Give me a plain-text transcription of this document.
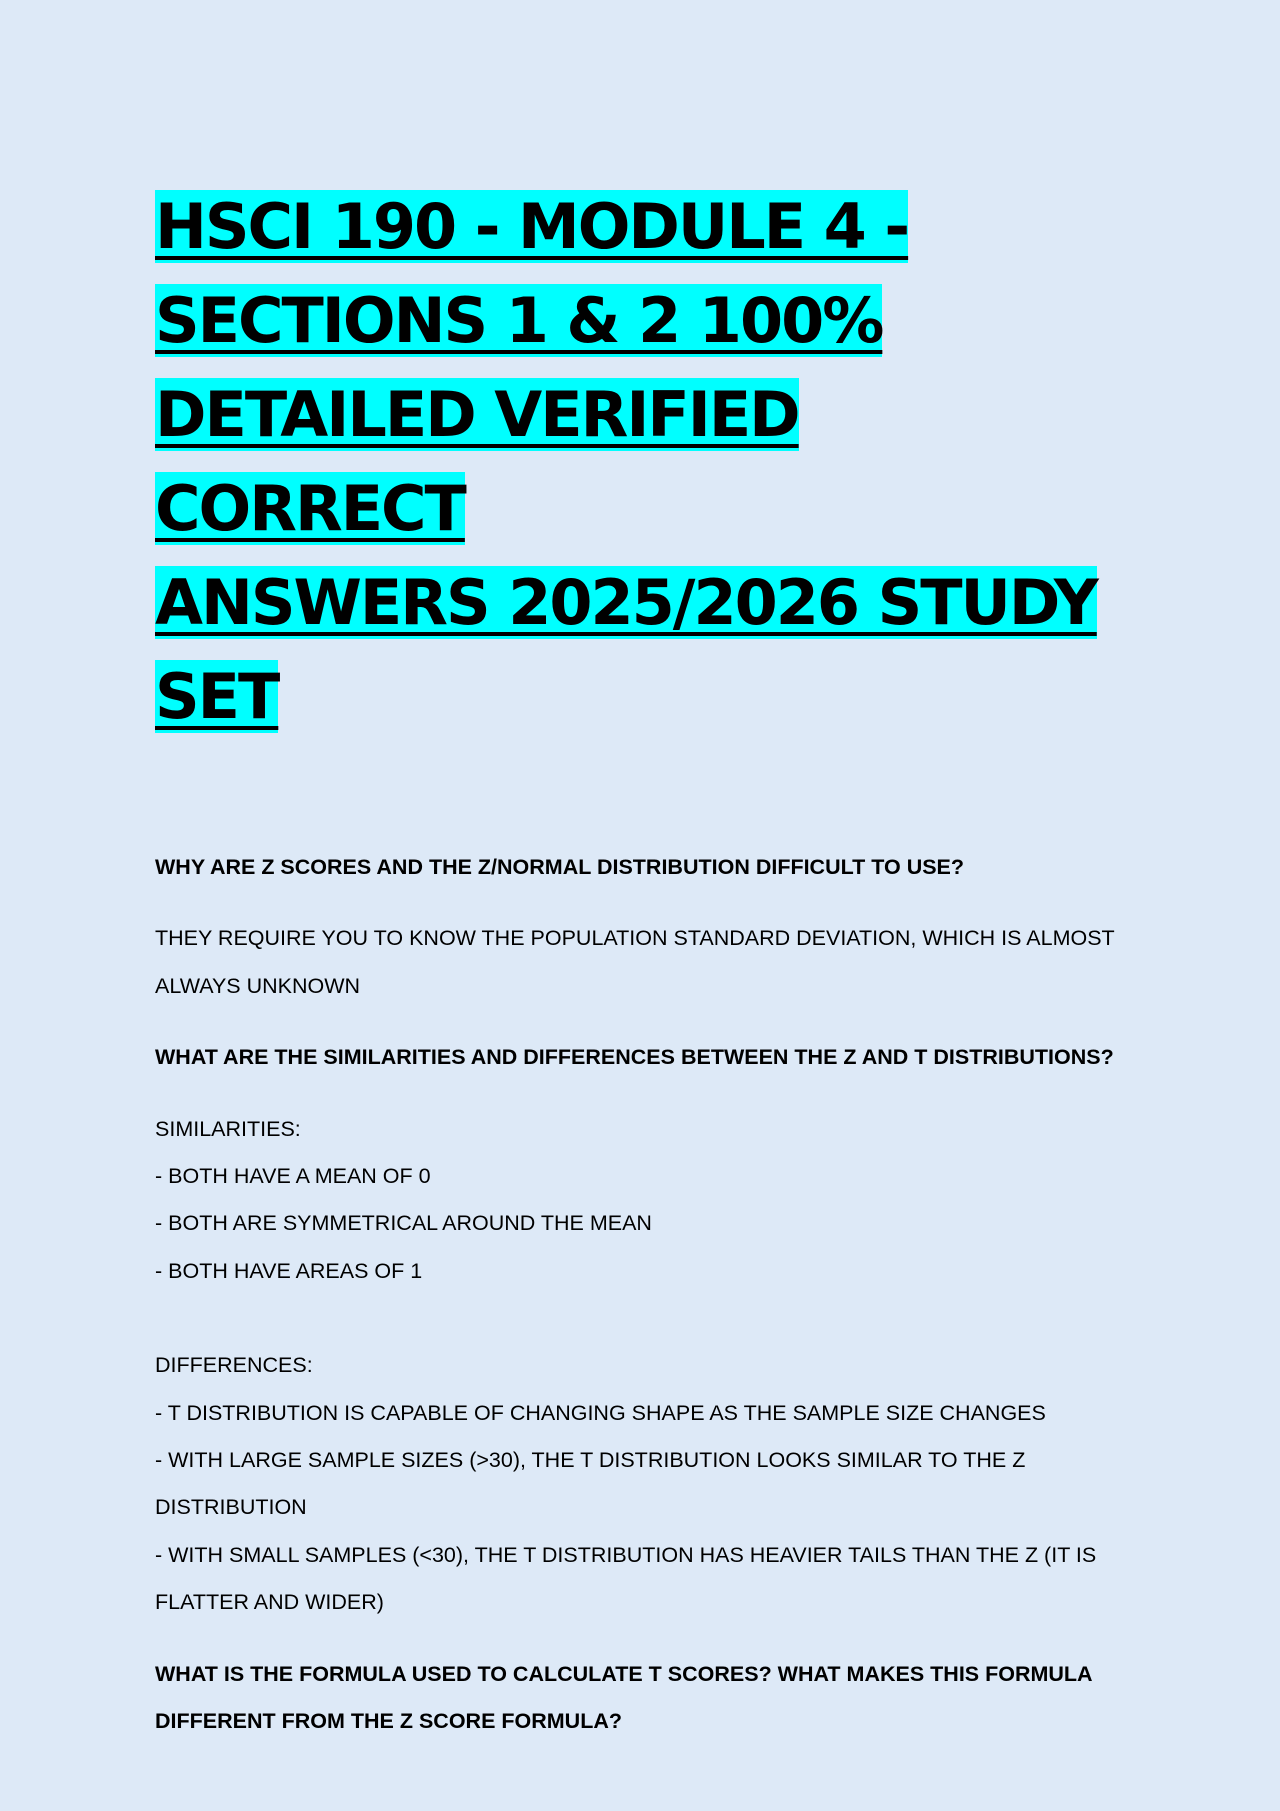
HSCI 190 - MODULE 4 -
SECTIONS 1 & 2 100%
DETAILED VERIFIED CORRECT
ANSWERS 2025/2026 STUDY
SET
WHY ARE Z SCORES AND THE Z/NORMAL DISTRIBUTION DIFFICULT TO USE?
THEY REQUIRE YOU TO KNOW THE POPULATION STANDARD DEVIATION, WHICH IS ALMOST
ALWAYS UNKNOWN
WHAT ARE THE SIMILARITIES AND DIFFERENCES BETWEEN THE Z AND T DISTRIBUTIONS?
SIMILARITIES:
- BOTH HAVE A MEAN OF 0
- BOTH ARE SYMMETRICAL AROUND THE MEAN
- BOTH HAVE AREAS OF 1
DIFFERENCES:
- T DISTRIBUTION IS CAPABLE OF CHANGING SHAPE AS THE SAMPLE SIZE CHANGES
- WITH LARGE SAMPLE SIZES (>30), THE T DISTRIBUTION LOOKS SIMILAR TO THE Z
DISTRIBUTION
- WITH SMALL SAMPLES (<30), THE T DISTRIBUTION HAS HEAVIER TAILS THAN THE Z (IT IS
FLATTER AND WIDER)
WHAT IS THE FORMULA USED TO CALCULATE T SCORES? WHAT MAKES THIS FORMULA
DIFFERENT FROM THE Z SCORE FORMULA?
